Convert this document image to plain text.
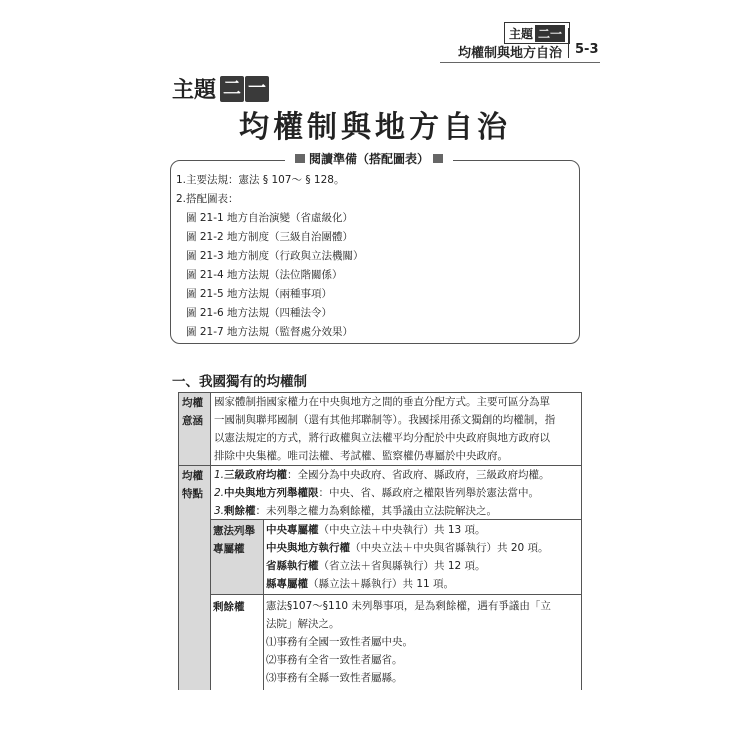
主題 二一
均權制與地方自治 5-3
主題 二 一
均權制與地方自治
閱讀準備（搭配圖表）
1.主要法規：憲法 § 107～ § 128。
2.搭配圖表：
圖 21-1 地方自治演變（省虛級化）
圖 21-2 地方制度（三級自治團體）
圖 21-3 地方制度（行政與立法機關）
圖 21-4 地方法規（法位階關係）
圖 21-5 地方法規（兩種事項）
圖 21-6 地方法規（四種法令）
圖 21-7 地方法規（監督處分效果）
一、我國獨有的均權制
均權
意涵
國家體制指國家權力在中央與地方之間的垂直分配方式。主要可區分為單
一國制與聯邦國制（還有其他邦聯制等）。我國採用孫文獨創的均權制，指
以憲法規定的方式，將行政權與立法權平均分配於中央政府與地方政府以
排除中央集權。唯司法權、考試權、監察權仍專屬於中央政府。
均權
特點
1.三級政府均權：全國分為中央政府、省政府、縣政府，三級政府均權。
2.中央與地方列舉權限：中央、省、縣政府之權限皆列舉於憲法當中。
3.剩餘權：未列舉之權力為剩餘權，其爭議由立法院解決之。
憲法列舉
專屬權
中央專屬權（中央立法＋中央執行）共 13 項。
中央與地方執行權（中央立法＋中央與省縣執行）共 20 項。
省縣執行權（省立法＋省與縣執行）共 12 項。
縣專屬權（縣立法＋縣執行）共 11 項。
剩餘權 憲法§107～§110 未列舉事項，是為剩餘權，遇有爭議由「立
法院」解決之。
⑴事務有全國一致性者屬中央。
⑵事務有全省一致性者屬省。
⑶事務有全縣一致性者屬縣。
